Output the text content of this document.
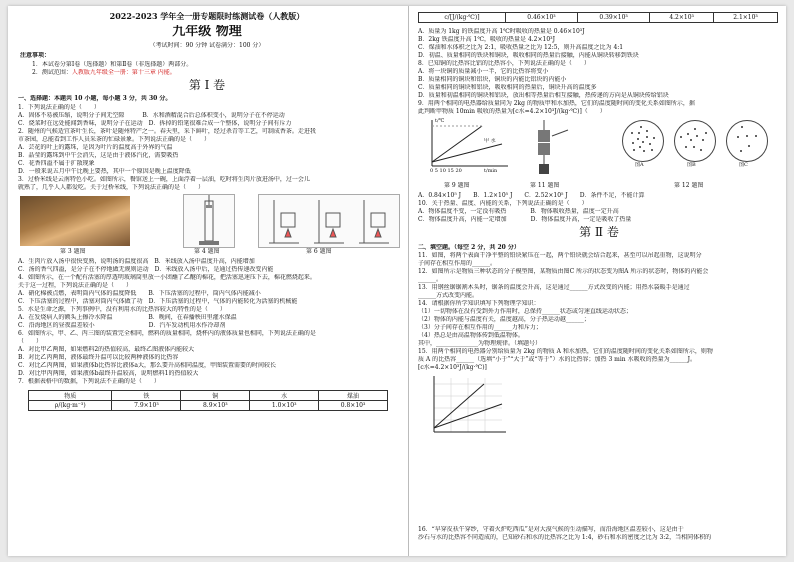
2022-2023 学年全一册专题限时练测试卷（人教版）
九年级 物理
（考试时间：90 分钟 试卷满分：100 分）
注意事项：
1．本试卷分第Ⅰ卷（选择题）和第Ⅱ卷（非选择题）两部分。
2．测试范围：人教版九年级全一册：第十三章 内能。
第 Ⅰ 卷
一、选择题：本题共 10 小题，每小题 3 分，共 30 分。
1．下列说法正确的是（　　）
A．固体不易被压缩，说明分子间无空隙　　　B．水和酒精混合后总体积变小，说明分子在不停运动
C．烧菜时在远处能闻到香味，说明分子在运动　D．拆掉的铅笔很难合成一个整体，说明分子间有斥力
2．随州的气候适宜茶叶生长，茶叶是随州特产之一。春天里，采下鲜叶，经过杀青等工艺，可制成香茶。走进我
市茶园，总能看到工作人员采茶的忙碌景象。下列说法正确的是（　　）
A．芸花的叶上的露珠，是因为叶片的温度高于外界的气温
B．晶莹的露珠到中午会消失，这是由于液体汽化，需要吸热
C．花香四溢不属于扩散现象
D．一般来说五月中午比晚上要热，其中一个原因是晚上温度降低
3．过桥米线是云南特色小吃。如图所示，餐馆送上一碗，上面浮着一层油，吃时将生肉片放进汤中，过一会儿
就熟了，几乎人人都爱吃。关于过桥米线，下列说法正确的是（　　）
第 3 题图	第 4 题图	第 6 题图
A．生肉片放入汤中很快变熟，说明汤的温度很高　B．米线放入汤中温度升高，内能增加
C．汤的香气四溢，是分子在不停地做无规则运动　D．米线放入汤中后，是通过热传递改变内能
4．如图所示，在一个配有活塞的厚透明玻璃筒里放一小团蘸了乙醚的棉花，把活塞迅速压下去，棉花燃烧起来。
关于这一过程，下列说法正确的是（　　）
A．硝化棉被点燃，表明筒内气体的温度降低　　B．下压活塞的过程中，筒内气体内能减小
C．下压活塞的过程中，活塞对筒内气体做了功　D．下压活塞的过程中，气体的内能转化为活塞的机械能
5．水是生命之源，下列事例中，没有利用水的比热容较大的特性的是（　　）
A．在发烧病人的额头上擦冷水降温　　　　　　B．晚间，在春播秧田里灌水保温
C．沿海地区的昼夜温差较小　　　　　　　　　D．汽车发动机用水作冷却剂
6．如图所示，甲、乙、丙三图的装置完全相同，燃料的质量相同，烧杯内的液体质量也相同，下列说法正确的是
（　　）
A．对比甲乙两图，如果燃料2的热值较高，最终乙图液体内能较大
B．对比乙丙两图，液体最终升温可以比较两种液体的比热容
C．对比乙丙两图，如果液体b比热容比液体a大，那么要升高相同温度，甲图装置需要的时间较长
D．对比甲丙两图，如果液体b最终升温较高，说明燃料1的热值较大
7．根据表格中的数据，下列说法不正确的是（　　）
物质	铁	铜	水	煤油
ρ/(kg·m⁻³)	7.9×10³	8.9×10³	1.0×10³	0.8×10³
c/[J/(kg·℃)]	0.46×10³	0.39×10³	4.2×10³	2.1×10³
A．质量为 1kg 的铁温度升高 1℃时吸收的热量是 0.46×10³J
B．2kg 铁温度升高 1℃，吸收的热量是 4.2×10³J
C．煤油和水体积之比为 2:1，吸收热量之比为 12:5，则升高温度之比为 4:1
D．初温、质量相同的铁块和铜块，吸收相同的热量后接触，内能从铜块转移到铁块
8．已知铜的比热容比铝的比热容小，下列说法正确的是（　　）
A．将一块铜的质量减小一半，它的比热容将变小
B．质量相同的铜块和铝块，铜块的内能比铝块的内能小
C．质量相同的铜块和铝块，吸收相同的热量后，铜块升高的温度多
D．质量和初温相同的铜块和铝块，放出相等热量后相互接触，热传递的方向是从铜块传给铝块
9．用两个相同的电热器给质量同为 2kg 的物质甲和水加热，它们的温度随时间的变化关系如图所示，据
此判断甲物质 10min 吸收的热量为[c水=4.2×10³J/(kg·℃)]（　　）
t/℃
甲 水
0 5 10 15 20	t/min
图A	图B	图C
第 9 题图	第 11 题图	第 12 题图
A．0.84×10⁵ J　　B．1.2×10⁵ J　　C．2.52×10⁵ J　　D．条件不足，不能计算
10．关于热量、温度、内能的关系，下列说法正确的是（　　）
A．物体温度不变，一定没有吸热　　　　B．物体吸收热量，温度一定升高
C．物体温度升高，内能一定增加　　　　D．物体温度升高，一定是吸收了热量
第 Ⅱ 卷
二、填空题。（每空 2 分，共 20 分）
11．如图，将两个表面干净平整的铅块紧压在一起，两个铅块就会结合起来，甚至可以吊起重物，这说明分
子间存在相互作用的______。
12．如图所示是物质三种状态的分子模型图，某物质由图C 所示的状态变为图A 所示的状态时，物体的内能会
______。
13．用钢丝锯锯割木头时，锯条的温度会升高，这是通过______方式改变的内能；用热水袋暖手是通过
______方式改变内能。
14．请根据你所学知识填写下列物理学知识：
（1）一切物体在没有受到外力作用时，总保持______状态或匀速直线运动状态；
（2）物体的内能与温度有关，温度越高，分子热运动越______；
（3）分子间存在相互作用的______力和斥力；
（4）热总是由高温物体传到低温物体。
其中，______________为物理规律。（填题号）
15．用两个相同的电热器分别给质量为 2kg 的物质 A 和水加热，它们的温度随时间的变化关系如图所示，则物
质 A 的比热容______（选填“小于”“大于”或“等于”）水的比热容；加热 3 min 水吸收的热量为______J。
[c水=4.2×10³J/(kg·℃)]
16．“早穿皮袄午穿纱，守着火炉吃西瓜”是对大漠气候的生动描写，而沿海地区温差较小，这是由于
沙石与水的比热容不同造成的，已知砂石和水的比热容之比为 1:4，砂石和水的密度之比为 3:2，当相同体积的
